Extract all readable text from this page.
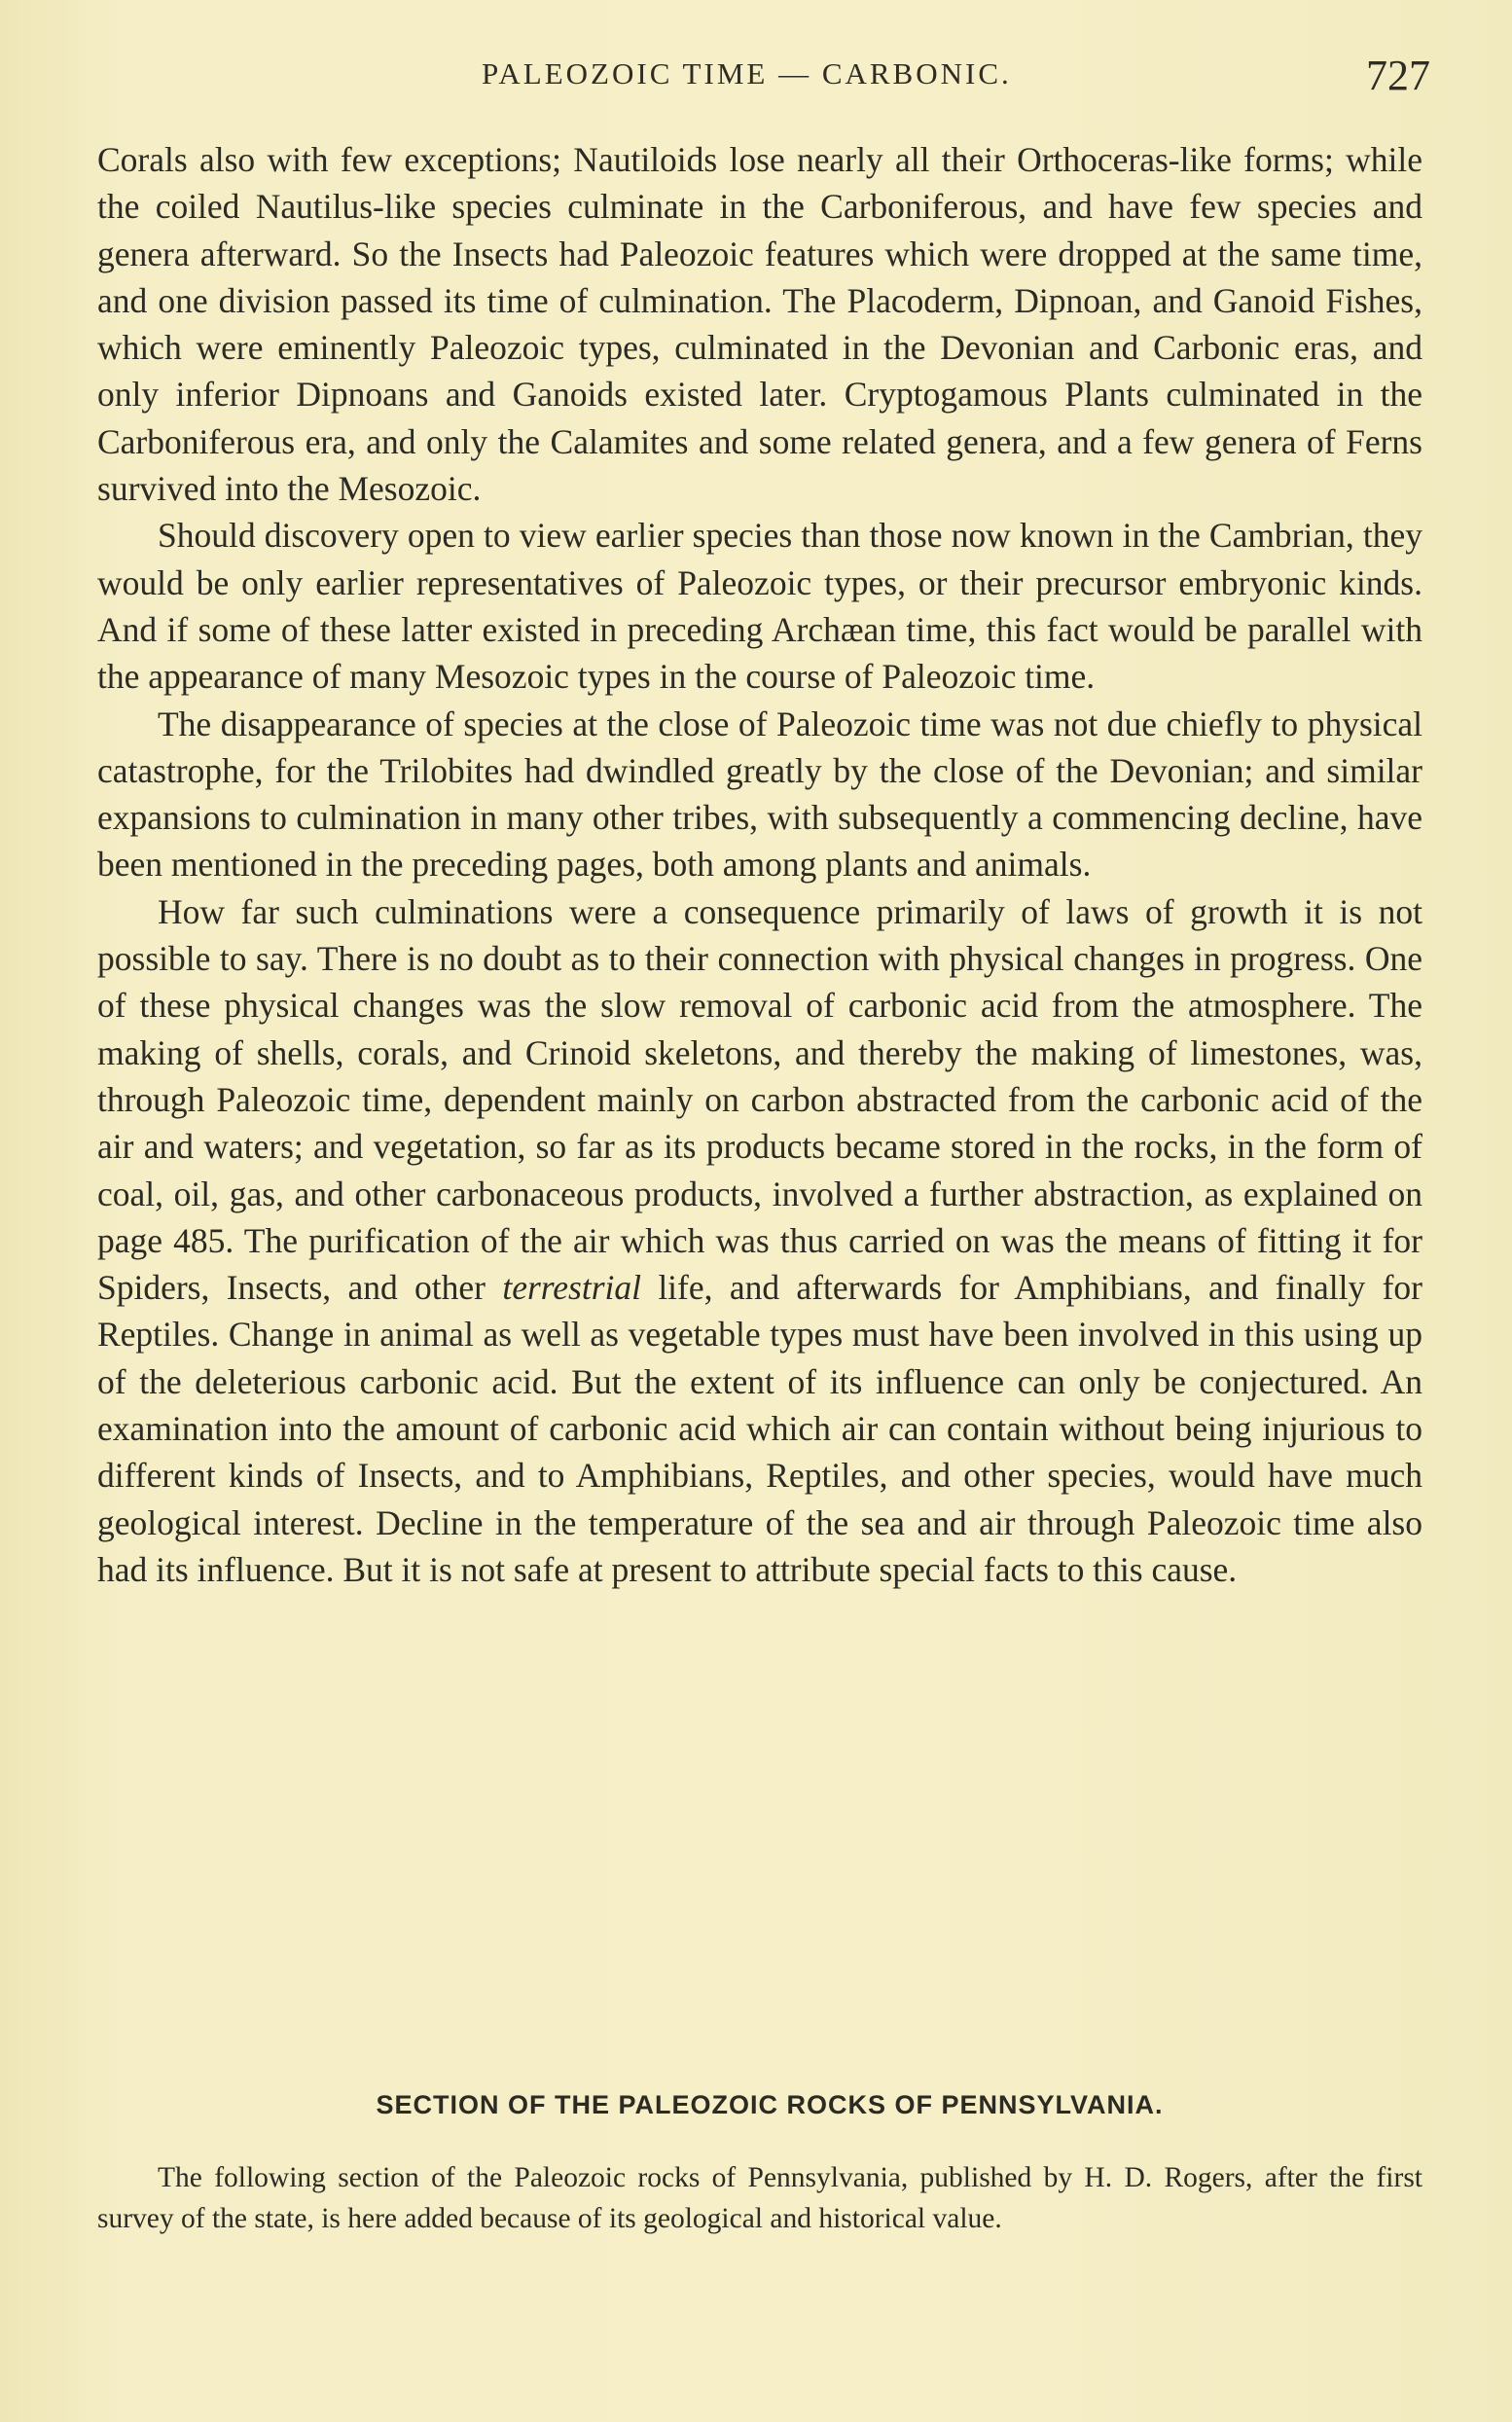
PALEOZOIC TIME — CARBONIC.	727

Corals also with few exceptions; Nautiloids lose nearly all their Orthoceras-like forms; while the coiled Nautilus-like species culminate in the Carboniferous, and have few species and genera afterward. So the Insects had Paleozoic features which were dropped at the same time, and one division passed its time of culmination. The Placoderm, Dipnoan, and Ganoid Fishes, which were eminently Paleozoic types, culminated in the Devonian and Carbonic eras, and only inferior Dipnoans and Ganoids existed later. Cryptogamous Plants culminated in the Carboniferous era, and only the Calamites and some related genera, and a few genera of Ferns survived into the Mesozoic.

Should discovery open to view earlier species than those now known in the Cambrian, they would be only earlier representatives of Paleozoic types, or their precursor embryonic kinds. And if some of these latter existed in preceding Archæan time, this fact would be parallel with the appearance of many Mesozoic types in the course of Paleozoic time.

The disappearance of species at the close of Paleozoic time was not due chiefly to physical catastrophe, for the Trilobites had dwindled greatly by the close of the Devonian; and similar expansions to culmination in many other tribes, with subsequently a commencing decline, have been mentioned in the preceding pages, both among plants and animals.

How far such culminations were a consequence primarily of laws of growth it is not possible to say. There is no doubt as to their connection with physical changes in progress. One of these physical changes was the slow removal of carbonic acid from the atmosphere. The making of shells, corals, and Crinoid skeletons, and thereby the making of limestones, was, through Paleozoic time, dependent mainly on carbon abstracted from the carbonic acid of the air and waters; and vegetation, so far as its products became stored in the rocks, in the form of coal, oil, gas, and other carbonaceous products, involved a further abstraction, as explained on page 485. The purification of the air which was thus carried on was the means of fitting it for Spiders, Insects, and other terrestrial life, and afterwards for Amphibians, and finally for Reptiles. Change in animal as well as vegetable types must have been involved in this using up of the deleterious carbonic acid. But the extent of its influence can only be conjectured. An examination into the amount of carbonic acid which air can contain without being injurious to different kinds of Insects, and to Amphibians, Reptiles, and other species, would have much geological interest. Decline in the temperature of the sea and air through Paleozoic time also had its influence. But it is not safe at present to attribute special facts to this cause.

SECTION OF THE PALEOZOIC ROCKS OF PENNSYLVANIA.

The following section of the Paleozoic rocks of Pennsylvania, published by H. D. Rogers, after the first survey of the state, is here added because of its geological and historical value.
